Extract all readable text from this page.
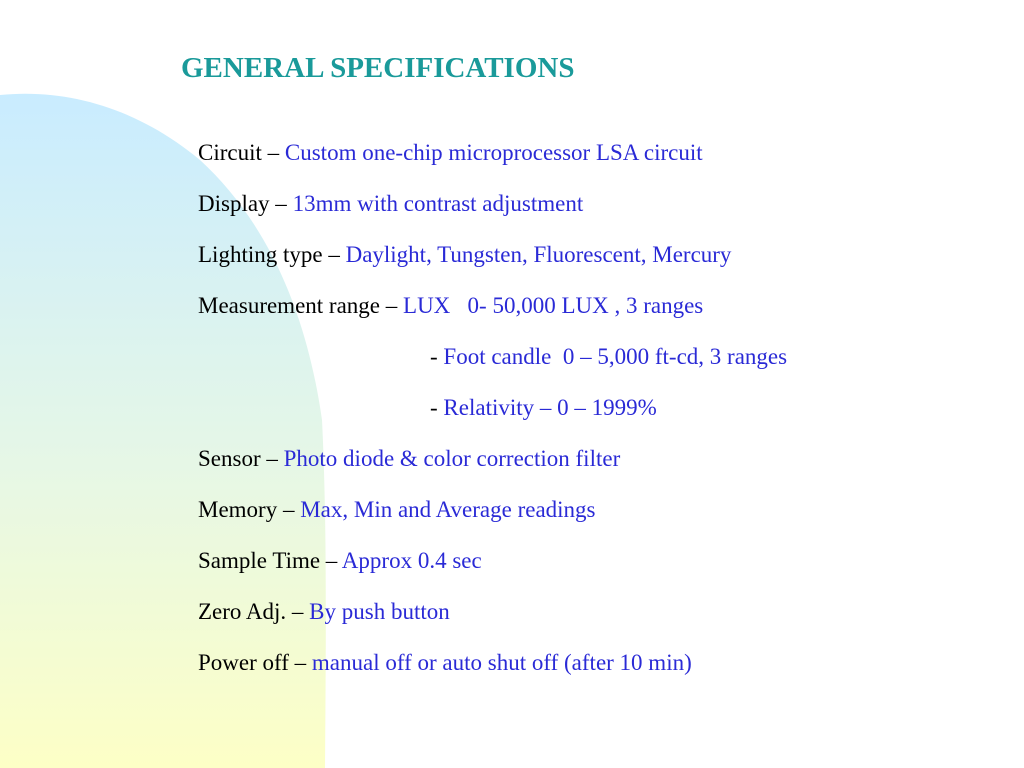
GENERAL SPECIFICATIONS
Circuit – Custom one-chip microprocessor LSA circuit
Display – 13mm with contrast adjustment
Lighting type – Daylight, Tungsten, Fluorescent, Mercury
Measurement range – LUX   0- 50,000 LUX , 3 ranges
- Foot candle  0 – 5,000 ft-cd, 3 ranges
- Relativity – 0 – 1999%
Sensor – Photo diode & color correction filter
Memory – Max, Min and Average readings
Sample Time – Approx 0.4 sec
Zero Adj. – By push button
Power off – manual off or auto shut off (after 10 min)
